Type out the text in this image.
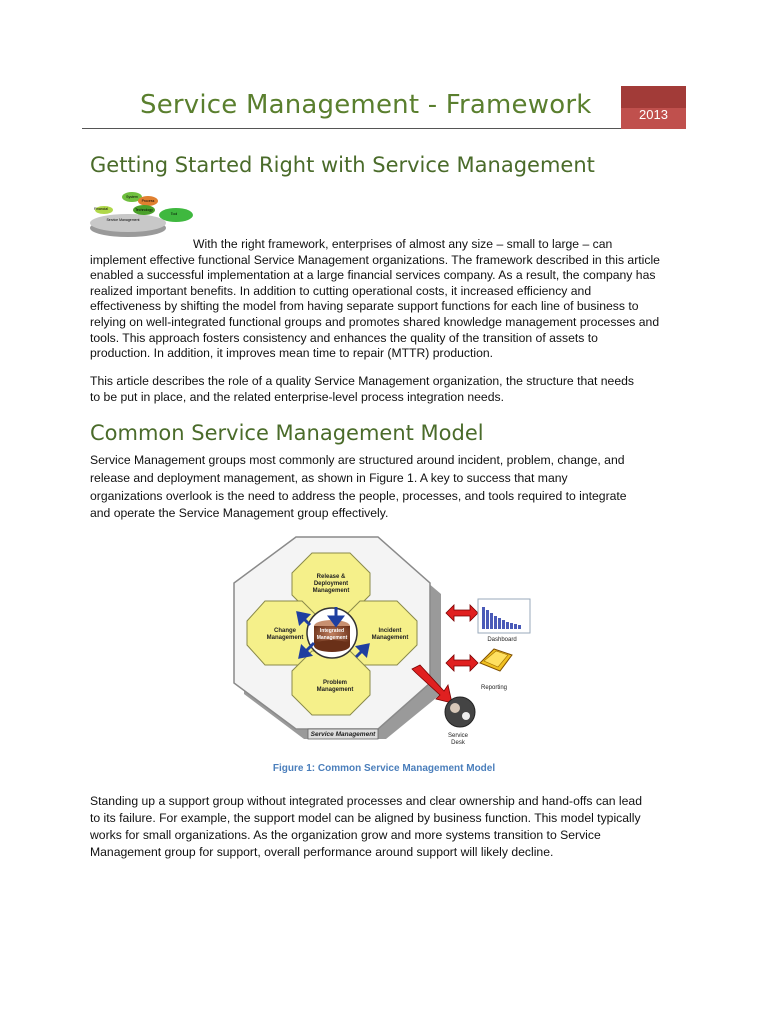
Service Management - Framework	2013
Getting Started Right with Service Management
System
Process
Technology
Service Management
Financial
Tool
With the right framework, enterprises of almost any size – small to large – can
implement effective functional Service Management organizations. The framework described in this article
enabled a successful implementation at a large financial services company. As a result, the company has
realized important benefits. In addition to cutting operational costs, it increased efficiency and
effectiveness by shifting the model from having separate support functions for each line of business to
relying on well-integrated functional groups and promotes shared knowledge management processes and
tools. This approach fosters consistency and enhances the quality of the transition of assets to
production. In addition, it improves mean time to repair (MTTR) production.
This article describes the role of a quality Service Management organization, the structure that needs
to be put in place, and the related enterprise-level process integration needs.
Common Service Management Model
Service Management groups most commonly are structured around incident, problem, change, and
release and deployment management, as shown in Figure 1. A key to success that many
organizations overlook is the need to address the people, processes, and tools required to integrate
and operate the Service Management group effectively.
Release &
Deployment
Management
Change
Management
Incident
Management
Problem
Management
Integrated
Management
Service Management
Dashboard
Reporting
Service
Desk
Figure 1: Common Service Management Model
Standing up a support group without integrated processes and clear ownership and hand-offs can lead
to its failure. For example, the support model can be aligned by business function. This model typically
works for small organizations. As the organization grow and more systems transition to Service
Management group for support, overall performance around support will likely decline.
